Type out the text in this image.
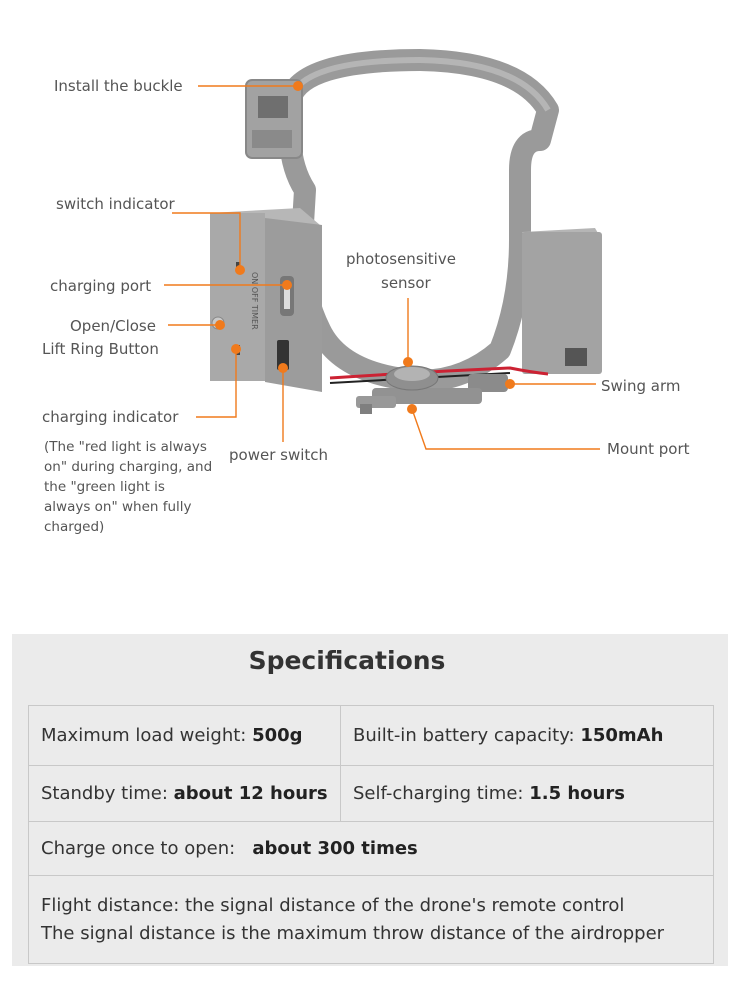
ON OFF TIMER
Install the buckle
switch indicator
charging port
Open/Close
Lift Ring Button
charging indicator
(The "red light is always on" during charging, and the "green light is always on" when fully charged)
photosensitive
sensor
Swing arm
Mount port
power switch
Specifications
Maximum load weight: 500g	Built-in battery capacity: 150mAh
Standby time: about 12 hours	Self-charging time: 1.5 hours
Charge once to open: about 300 times	

Flight distance: the signal distance of the drone's remote control
The signal distance is the maximum throw distance of the airdropper	
